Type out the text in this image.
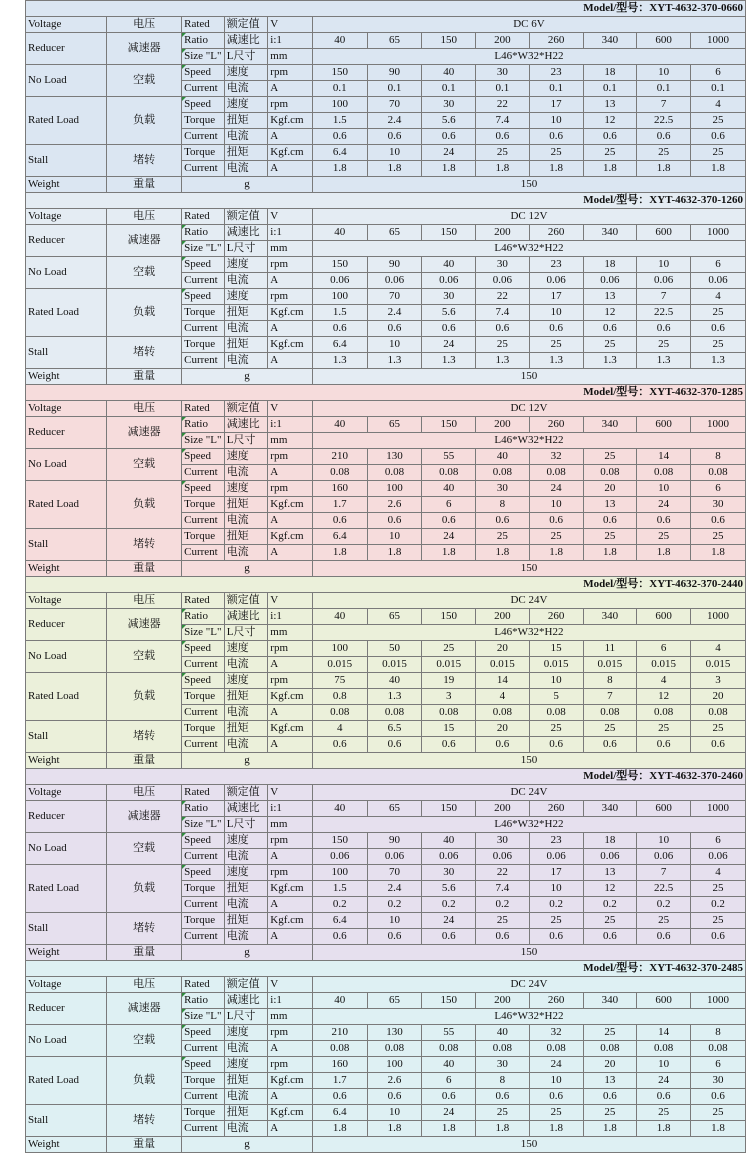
Model/型号：XYT-4632-370-0660												
Voltage	电压	Rated	额定值	V	DC 6V							
Reducer	减速器	Ratio	减速比	i:1	40	65	150	200	260	340	600	1000
		Size "L"	L尺寸	mm	L46*W32*H22							
No Load	空载	Speed	速度	rpm	150	90	40	30	23	18	10	6
		Current	电流	A	0.1	0.1	0.1	0.1	0.1	0.1	0.1	0.1
Rated Load	负载	Speed	速度	rpm	100	70	30	22	17	13	7	4
		Torque	扭矩	Kgf.cm	1.5	2.4	5.6	7.4	10	12	22.5	25
		Current	电流	A	0.6	0.6	0.6	0.6	0.6	0.6	0.6	0.6
Stall	堵转	Torque	扭矩	Kgf.cm	6.4	10	24	25	25	25	25	25
		Current	电流	A	1.8	1.8	1.8	1.8	1.8	1.8	1.8	1.8
Weight	重量	g			150							
Model/型号：XYT-4632-370-1260												
Voltage	电压	Rated	额定值	V	DC 12V							
Reducer	减速器	Ratio	减速比	i:1	40	65	150	200	260	340	600	1000
		Size "L"	L尺寸	mm	L46*W32*H22							
No Load	空载	Speed	速度	rpm	150	90	40	30	23	18	10	6
		Current	电流	A	0.06	0.06	0.06	0.06	0.06	0.06	0.06	0.06
Rated Load	负载	Speed	速度	rpm	100	70	30	22	17	13	7	4
		Torque	扭矩	Kgf.cm	1.5	2.4	5.6	7.4	10	12	22.5	25
		Current	电流	A	0.6	0.6	0.6	0.6	0.6	0.6	0.6	0.6
Stall	堵转	Torque	扭矩	Kgf.cm	6.4	10	24	25	25	25	25	25
		Current	电流	A	1.3	1.3	1.3	1.3	1.3	1.3	1.3	1.3
Weight	重量	g			150							
Model/型号：XYT-4632-370-1285												
Voltage	电压	Rated	额定值	V	DC 12V							
Reducer	减速器	Ratio	减速比	i:1	40	65	150	200	260	340	600	1000
		Size "L"	L尺寸	mm	L46*W32*H22							
No Load	空载	Speed	速度	rpm	210	130	55	40	32	25	14	8
		Current	电流	A	0.08	0.08	0.08	0.08	0.08	0.08	0.08	0.08
Rated Load	负载	Speed	速度	rpm	160	100	40	30	24	20	10	6
		Torque	扭矩	Kgf.cm	1.7	2.6	6	8	10	13	24	30
		Current	电流	A	0.6	0.6	0.6	0.6	0.6	0.6	0.6	0.6
Stall	堵转	Torque	扭矩	Kgf.cm	6.4	10	24	25	25	25	25	25
		Current	电流	A	1.8	1.8	1.8	1.8	1.8	1.8	1.8	1.8
Weight	重量	g			150							
Model/型号：XYT-4632-370-2440												
Voltage	电压	Rated	额定值	V	DC 24V							
Reducer	减速器	Ratio	减速比	i:1	40	65	150	200	260	340	600	1000
		Size "L"	L尺寸	mm	L46*W32*H22							
No Load	空载	Speed	速度	rpm	100	50	25	20	15	11	6	4
		Current	电流	A	0.015	0.015	0.015	0.015	0.015	0.015	0.015	0.015
Rated Load	负载	Speed	速度	rpm	75	40	19	14	10	8	4	3
		Torque	扭矩	Kgf.cm	0.8	1.3	3	4	5	7	12	20
		Current	电流	A	0.08	0.08	0.08	0.08	0.08	0.08	0.08	0.08
Stall	堵转	Torque	扭矩	Kgf.cm	4	6.5	15	20	25	25	25	25
		Current	电流	A	0.6	0.6	0.6	0.6	0.6	0.6	0.6	0.6
Weight	重量	g			150							
Model/型号：XYT-4632-370-2460												
Voltage	电压	Rated	额定值	V	DC 24V							
Reducer	减速器	Ratio	减速比	i:1	40	65	150	200	260	340	600	1000
		Size "L"	L尺寸	mm	L46*W32*H22							
No Load	空载	Speed	速度	rpm	150	90	40	30	23	18	10	6
		Current	电流	A	0.06	0.06	0.06	0.06	0.06	0.06	0.06	0.06
Rated Load	负载	Speed	速度	rpm	100	70	30	22	17	13	7	4
		Torque	扭矩	Kgf.cm	1.5	2.4	5.6	7.4	10	12	22.5	25
		Current	电流	A	0.2	0.2	0.2	0.2	0.2	0.2	0.2	0.2
Stall	堵转	Torque	扭矩	Kgf.cm	6.4	10	24	25	25	25	25	25
		Current	电流	A	0.6	0.6	0.6	0.6	0.6	0.6	0.6	0.6
Weight	重量	g			150							
Model/型号：XYT-4632-370-2485												
Voltage	电压	Rated	额定值	V	DC 24V							
Reducer	减速器	Ratio	减速比	i:1	40	65	150	200	260	340	600	1000
		Size "L"	L尺寸	mm	L46*W32*H22							
No Load	空载	Speed	速度	rpm	210	130	55	40	32	25	14	8
		Current	电流	A	0.08	0.08	0.08	0.08	0.08	0.08	0.08	0.08
Rated Load	负载	Speed	速度	rpm	160	100	40	30	24	20	10	6
		Torque	扭矩	Kgf.cm	1.7	2.6	6	8	10	13	24	30
		Current	电流	A	0.6	0.6	0.6	0.6	0.6	0.6	0.6	0.6
Stall	堵转	Torque	扭矩	Kgf.cm	6.4	10	24	25	25	25	25	25
		Current	电流	A	1.8	1.8	1.8	1.8	1.8	1.8	1.8	1.8
Weight	重量	g			150							
